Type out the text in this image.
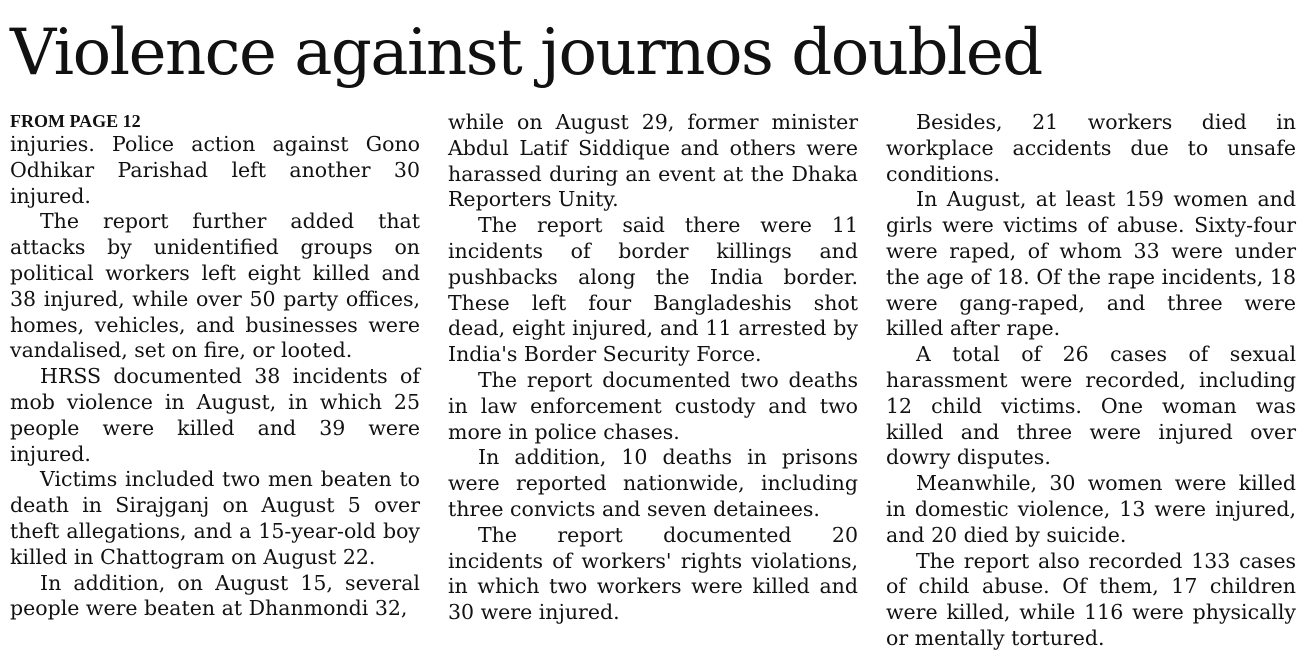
Violence against journos doubled
FROM PAGE 12

injuries. Police action against Gono Odhikar Parishad left another 30 injured.

The report further added that attacks by unidentified groups on political workers left eight killed and 38 injured, while over 50 party offices, homes, vehicles, and businesses were vandalised, set on fire, or looted.

HRSS documented 38 incidents of mob violence in August, in which 25 people were killed and 39 were injured.

Victims included two men beaten to death in Sirajganj on August 5 over theft allegations, and a 15-year-old boy killed in Chattogram on August 22.

In addition, on August 15, several people were beaten at Dhanmondi 32,

while on August 29, former minister Abdul Latif Siddique and others were harassed during an event at the Dhaka Reporters Unity.

The report said there were 11 incidents of border killings and pushbacks along the India border. These left four Bangladeshis shot dead, eight injured, and 11 arrested by India's Border Security Force.

The report documented two deaths in law enforcement custody and two more in police chases.

In addition, 10 deaths in prisons were reported nationwide, including three convicts and seven detainees.

The report documented 20 incidents of workers' rights violations, in which two workers were killed and 30 were injured.

Besides, 21 workers died in workplace accidents due to unsafe conditions.

In August, at least 159 women and girls were victims of abuse. Sixty-four were raped, of whom 33 were under the age of 18. Of the rape incidents, 18 were gang-raped, and three were killed after rape.

A total of 26 cases of sexual harassment were recorded, including 12 child victims. One woman was killed and three were injured over dowry disputes.

Meanwhile, 30 women were killed in domestic violence, 13 were injured, and 20 died by suicide.

The report also recorded 133 cases of child abuse. Of them, 17 children were killed, while 116 were physically or mentally tortured.
